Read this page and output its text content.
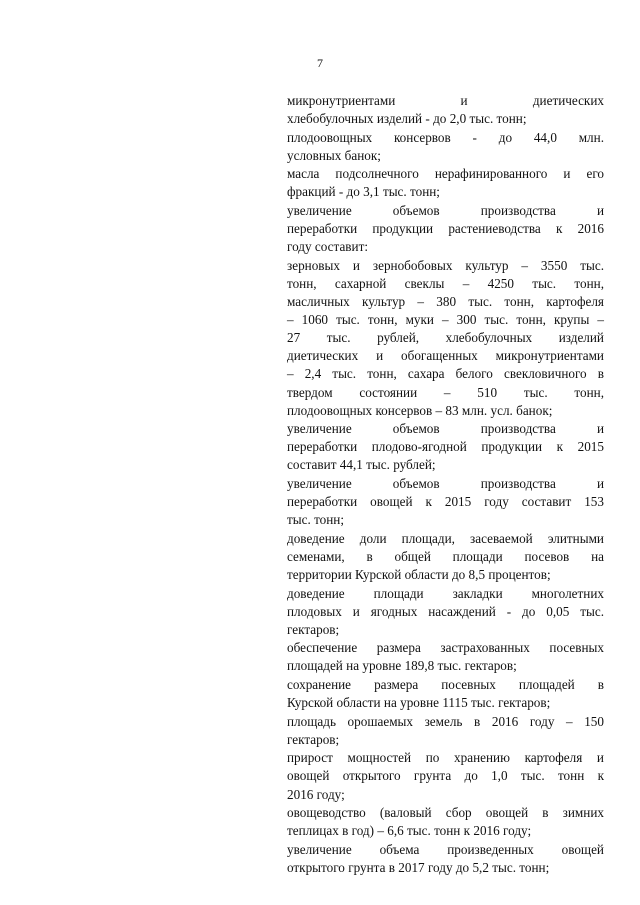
7
микронутриентами и диетических
хлебобулочных изделий - до 2,0 тыс. тонн;
плодоовощных консервов - до 44,0 млн.
условных банок;
масла подсолнечного нерафинированного и его
фракций - до 3,1 тыс. тонн;
увеличение объемов производства и
переработки продукции растениеводства к 2016
году составит:
зерновых и зернобобовых культур – 3550 тыс.
тонн, сахарной свеклы – 4250 тыс. тонн,
масличных культур – 380 тыс. тонн, картофеля
– 1060 тыс. тонн, муки – 300 тыс. тонн, крупы –
27 тыс. рублей, хлебобулочных изделий
диетических и обогащенных микронутриентами
– 2,4 тыс. тонн, сахара белого свекловичного в
твердом состоянии – 510 тыс. тонн,
плодоовощных консервов – 83 млн. усл. банок;
увеличение объемов производства и
переработки плодово-ягодной продукции к 2015
составит 44,1 тыс. рублей;
увеличение объемов производства и
переработки овощей к 2015 году составит 153
тыс. тонн;
доведение доли площади, засеваемой элитными
семенами, в общей площади посевов на
территории Курской области до 8,5 процентов;
доведение площади закладки многолетних
плодовых и ягодных насаждений - до 0,05 тыс.
гектаров;
обеспечение размера застрахованных посевных
площадей на уровне 189,8 тыс. гектаров;
сохранение размера посевных площадей в
Курской области на уровне 1115 тыс. гектаров;
площадь орошаемых земель в 2016 году – 150
гектаров;
прирост мощностей по хранению картофеля и
овощей открытого грунта до 1,0 тыс. тонн к
2016 году;
овощеводство (валовый сбор овощей в зимних
теплицах в год) – 6,6 тыс. тонн к 2016 году;
увеличение объема произведенных овощей
открытого грунта в 2017 году до 5,2 тыс. тонн;
